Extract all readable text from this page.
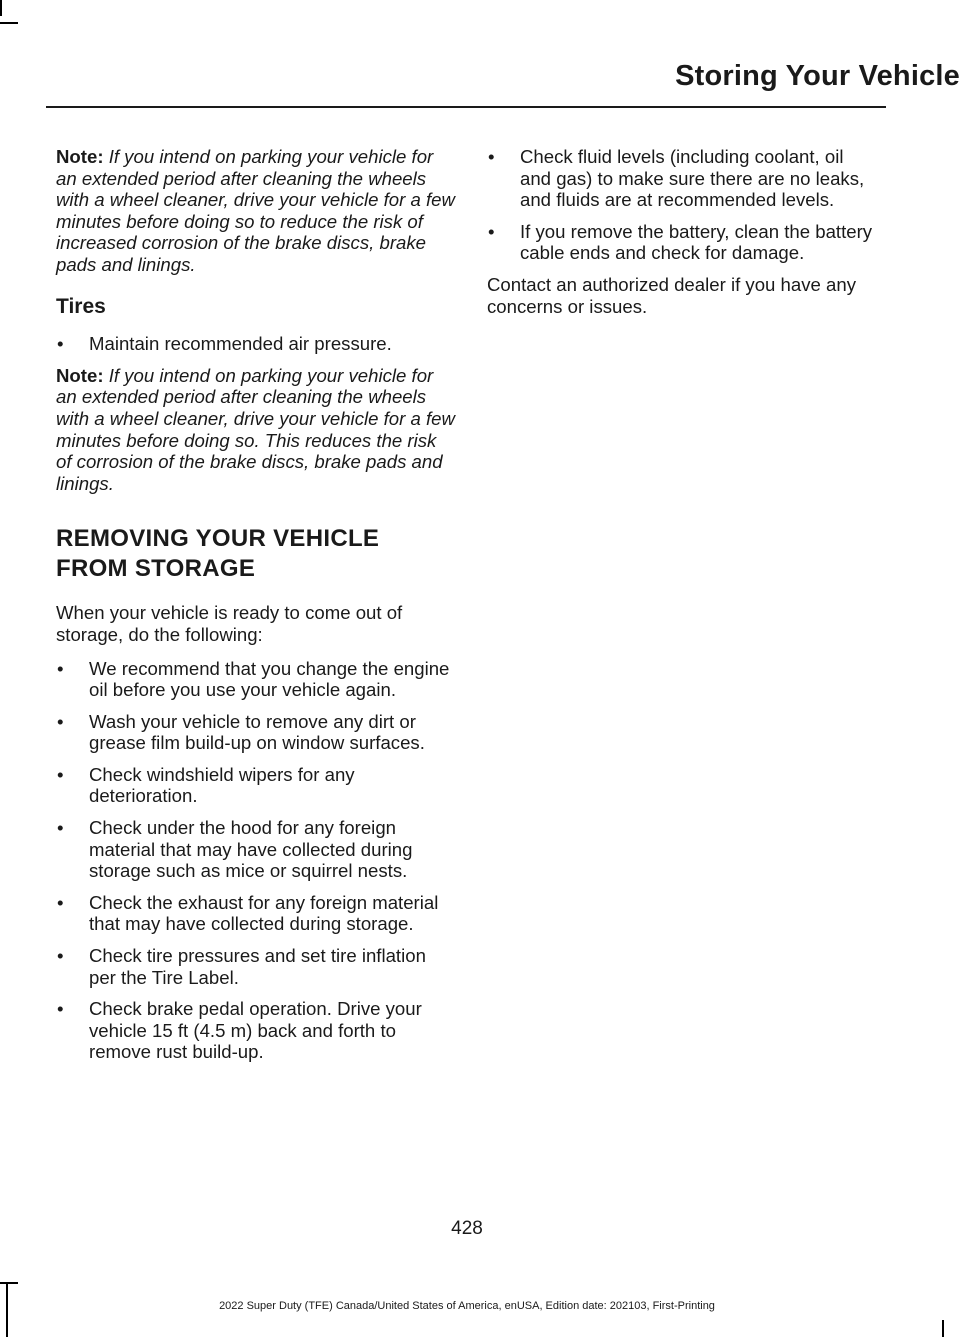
Storing Your Vehicle

Note: If you intend on parking your vehicle for an extended period after cleaning the wheels with a wheel cleaner, drive your vehicle for a few minutes before doing so to reduce the risk of increased corrosion of the brake discs, brake pads and linings.

Tires
• Maintain recommended air pressure.

Note: If you intend on parking your vehicle for an extended period after cleaning the wheels with a wheel cleaner, drive your vehicle for a few minutes before doing so. This reduces the risk of corrosion of the brake discs, brake pads and linings.

REMOVING YOUR VEHICLE FROM STORAGE

When your vehicle is ready to come out of storage, do the following:

• We recommend that you change the engine oil before you use your vehicle again.
• Wash your vehicle to remove any dirt or grease film build-up on window surfaces.
• Check windshield wipers for any deterioration.
• Check under the hood for any foreign material that may have collected during storage such as mice or squirrel nests.
• Check the exhaust for any foreign material that may have collected during storage.
• Check tire pressures and set tire inflation per the Tire Label.
• Check brake pedal operation. Drive your vehicle 15 ft (4.5 m) back and forth to remove rust build-up.
• Check fluid levels (including coolant, oil and gas) to make sure there are no leaks, and fluids are at recommended levels.
• If you remove the battery, clean the battery cable ends and check for damage.

Contact an authorized dealer if you have any concerns or issues.

428
2022 Super Duty (TFE) Canada/United States of America, enUSA, Edition date: 202103, First-Printing
